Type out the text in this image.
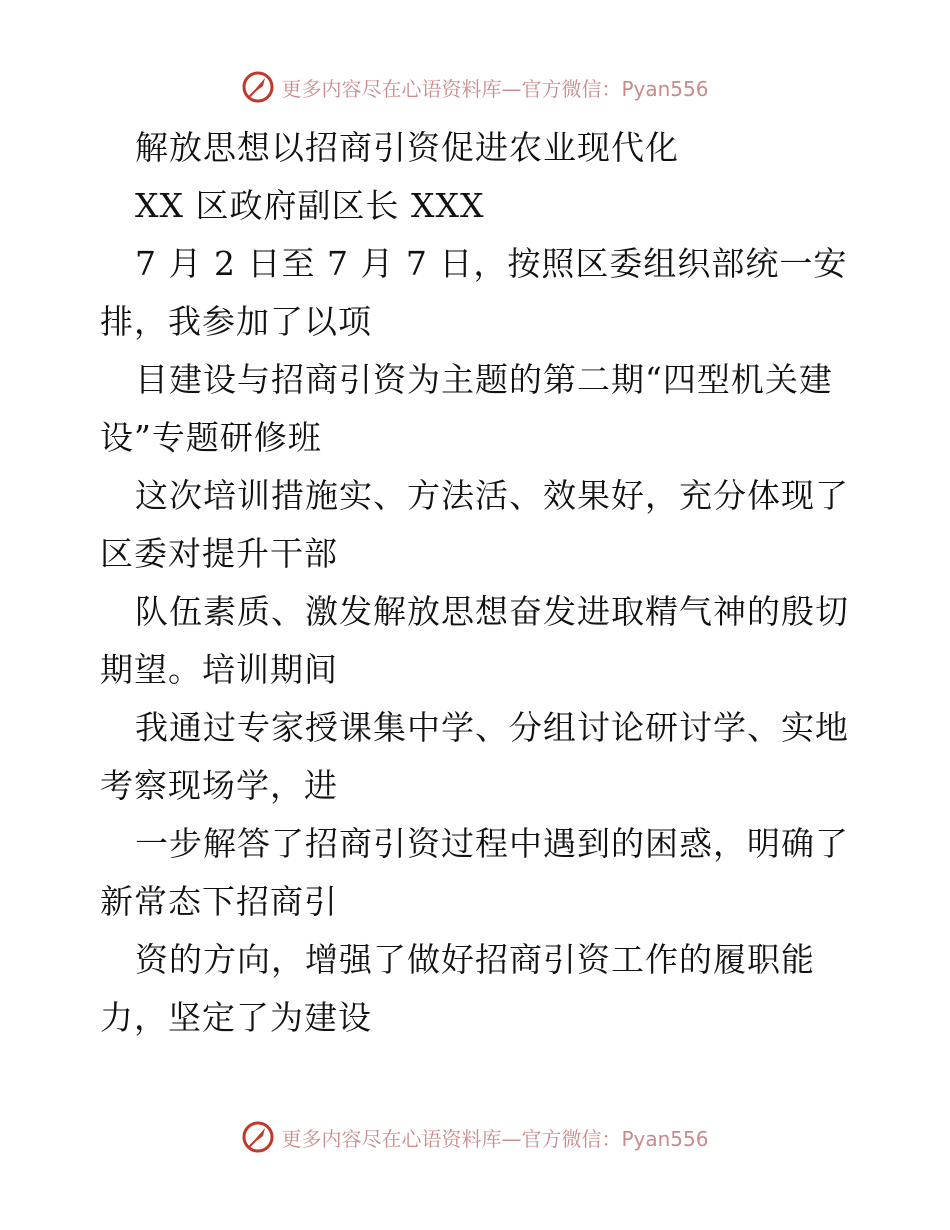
更多内容尽在心语资料库—官方微信：Pyan556
解放思想以招商引资促进农业现代化
XX 区政府副区长 XXX
7 月 2 日至 7 月 7 日，按照区委组织部统一安
排，我参加了以项
目建设与招商引资为主题的第二期“四型机关建
设”专题研修班
这次培训措施实、方法活、效果好，充分体现了
区委对提升干部
队伍素质、激发解放思想奋发进取精气神的殷切
期望。培训期间
我通过专家授课集中学、分组讨论研讨学、实地
考察现场学，进
一步解答了招商引资过程中遇到的困惑，明确了
新常态下招商引
资的方向，增强了做好招商引资工作的履职能
力，坚定了为建设
更多内容尽在心语资料库—官方微信：Pyan556
